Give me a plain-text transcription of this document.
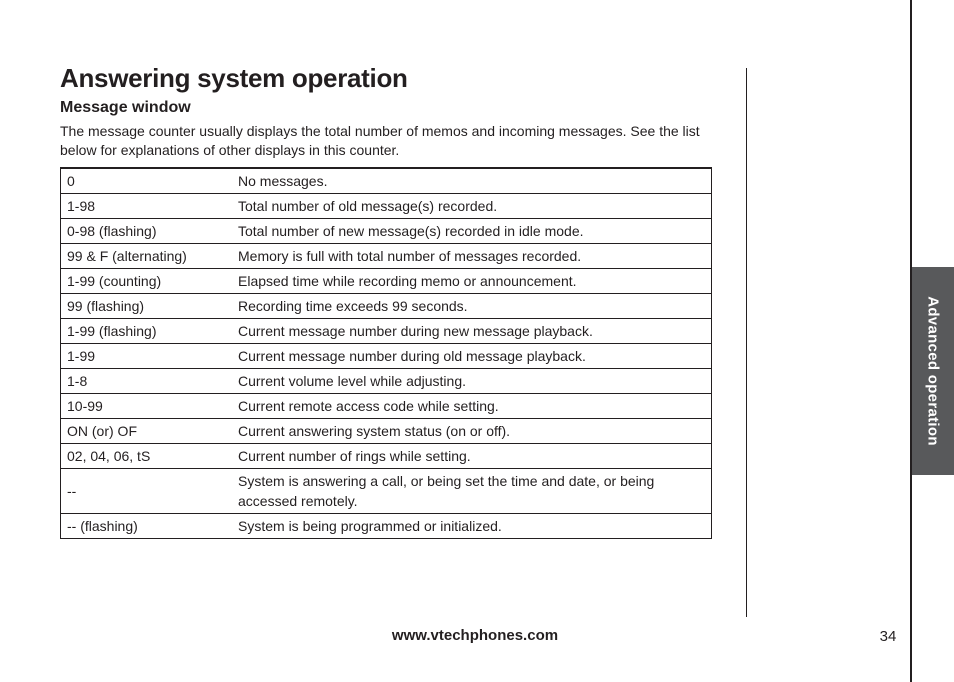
Advanced operation
Answering system operation
Message window

The message counter usually displays the total number of memos and incoming messages. See the list below for explanations of other displays in this counter.

0	No messages.
1-98	Total number of old message(s) recorded.
0-98 (flashing)	Total number of new message(s) recorded in idle mode.
99 & F (alternating)	Memory is full with total number of messages recorded.
1-99 (counting)	Elapsed time while recording memo or announcement.
99 (flashing)	Recording time exceeds 99 seconds.
1-99 (flashing)	Current message number during new message playback.
1-99	Current message number during old message playback.
1-8	Current volume level while adjusting.
10-99	Current remote access code while setting.
ON (or) OF	Current answering system status (on or off).
02, 04, 06, tS	Current number of rings while setting.
--	System is answering a call, or being set the time and date, or being accessed remotely.
-- (flashing)	System is being programmed or initialized.
www.vtechphones.com	34
